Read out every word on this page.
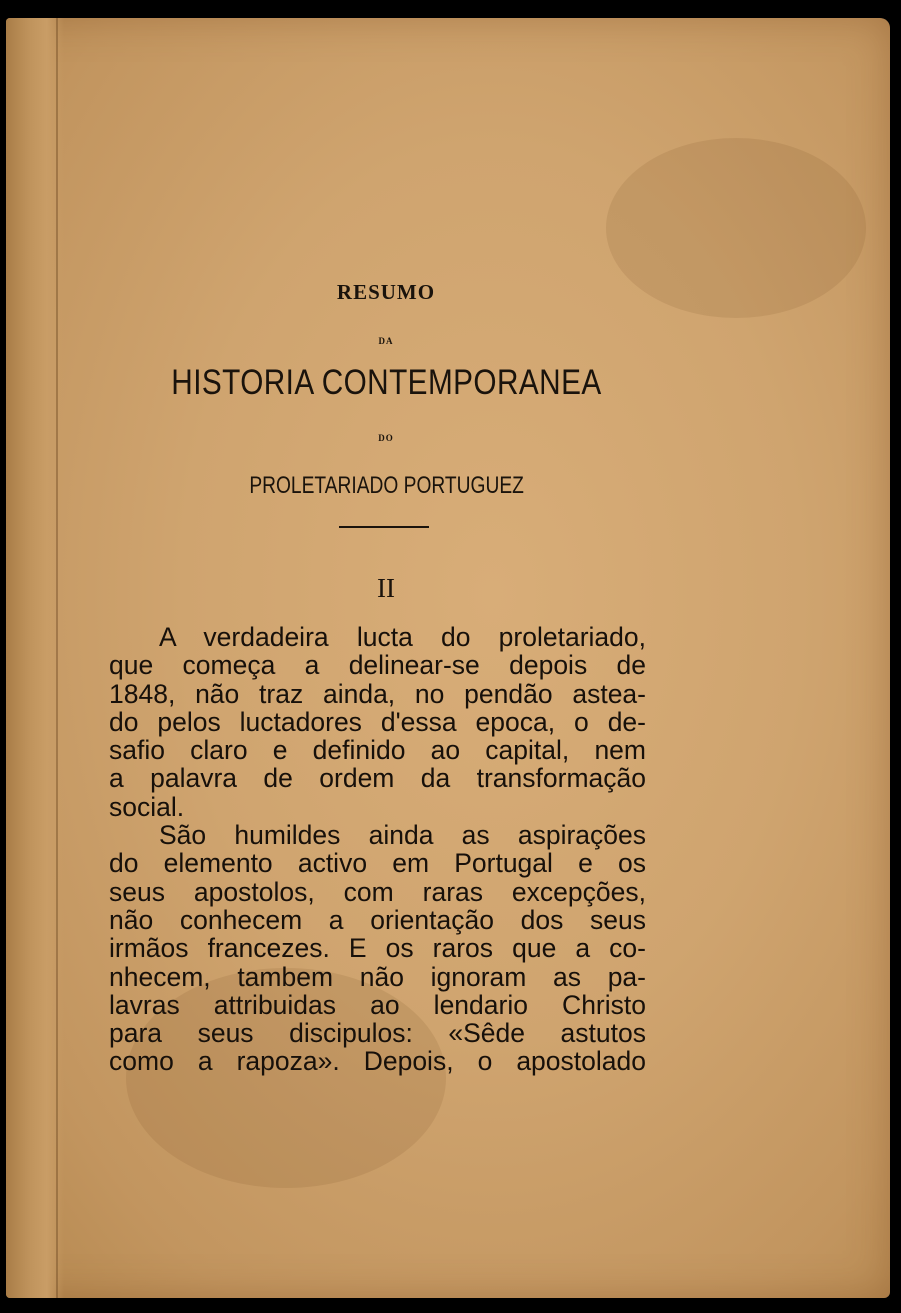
RESUMO
DA
HISTORIA CONTEMPORANEA
DO
PROLETARIADO PORTUGUEZ
II
A verdadeira lucta do proletariado,
que começa a delinear-se depois de
1848, não traz ainda, no pendão astea-
do pelos luctadores d'essa epoca, o de-
safio claro e definido ao capital, nem
a palavra de ordem da transformação
social.
São humildes ainda as aspirações
do elemento activo em Portugal e os
seus apostolos, com raras excepções,
não conhecem a orientação dos seus
irmãos francezes. E os raros que a co-
nhecem, tambem não ignoram as pa-
lavras attribuidas ao lendario Christo
para seus discipulos: «Sêde astutos
como a rapoza». Depois, o apostolado
